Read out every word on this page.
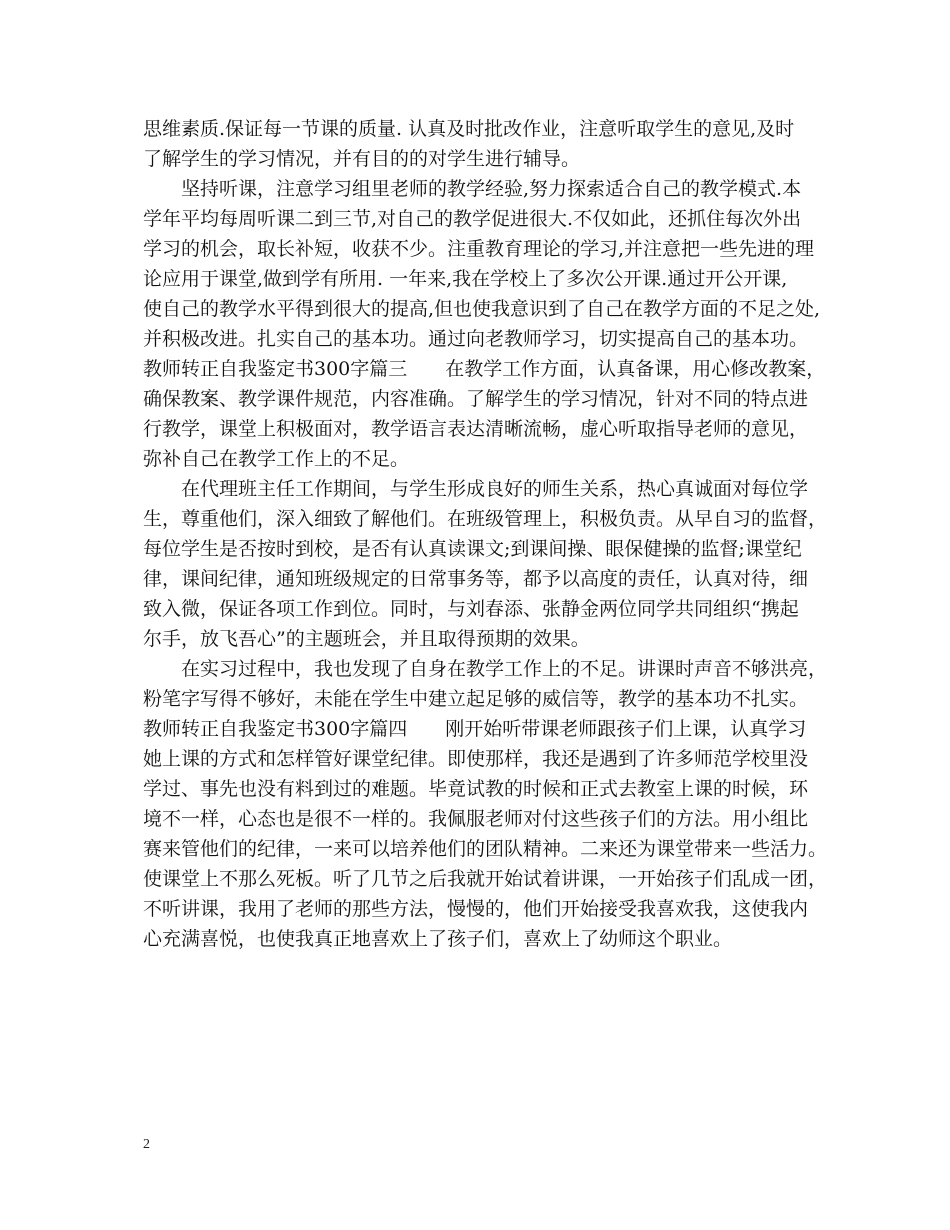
思维素质.保证每一节课的质量. 认真及时批改作业，注意听取学生的意见,及时

了解学生的学习情况，并有目的的对学生进行辅导。

坚持听课，注意学习组里老师的教学经验,努力探索适合自己的教学模式.本

学年平均每周听课二到三节,对自己的教学促进很大.不仅如此，还抓住每次外出

学习的机会，取长补短，收获不少。注重教育理论的学习,并注意把一些先进的理

论应用于课堂,做到学有所用. 一年来,我在学校上了多次公开课.通过开公开课,

使自己的教学水平得到很大的提高,但也使我意识到了自己在教学方面的不足之处,

并积极改进。扎实自己的基本功。通过向老教师学习，切实提高自己的基本功。

教师转正自我鉴定书300字篇三　　在教学工作方面，认真备课，用心修改教案，

确保教案、教学课件规范，内容准确。了解学生的学习情况，针对不同的特点进

行教学，课堂上积极面对，教学语言表达清晰流畅，虚心听取指导老师的意见，

弥补自己在教学工作上的不足。

在代理班主任工作期间，与学生形成良好的师生关系，热心真诚面对每位学

生，尊重他们，深入细致了解他们。在班级管理上，积极负责。从早自习的监督，

每位学生是否按时到校，是否有认真读课文;到课间操、眼保健操的监督;课堂纪

律，课间纪律，通知班级规定的日常事务等，都予以高度的责任，认真对待，细

致入微，保证各项工作到位。同时，与刘春添、张静金两位同学共同组织“携起

尔手，放飞吾心”的主题班会，并且取得预期的效果。

在实习过程中，我也发现了自身在教学工作上的不足。讲课时声音不够洪亮，

粉笔字写得不够好，未能在学生中建立起足够的威信等，教学的基本功不扎实。

教师转正自我鉴定书300字篇四　　刚开始听带课老师跟孩子们上课，认真学习

她上课的方式和怎样管好课堂纪律。即使那样，我还是遇到了许多师范学校里没

学过、事先也没有料到过的难题。毕竟试教的时候和正式去教室上课的时候，环

境不一样，心态也是很不一样的。我佩服老师对付这些孩子们的方法。用小组比

赛来管他们的纪律，一来可以培养他们的团队精神。二来还为课堂带来一些活力。

使课堂上不那么死板。听了几节之后我就开始试着讲课，一开始孩子们乱成一团，

不听讲课，我用了老师的那些方法，慢慢的，他们开始接受我喜欢我，这使我内

心充满喜悦，也使我真正地喜欢上了孩子们，喜欢上了幼师这个职业。

2
